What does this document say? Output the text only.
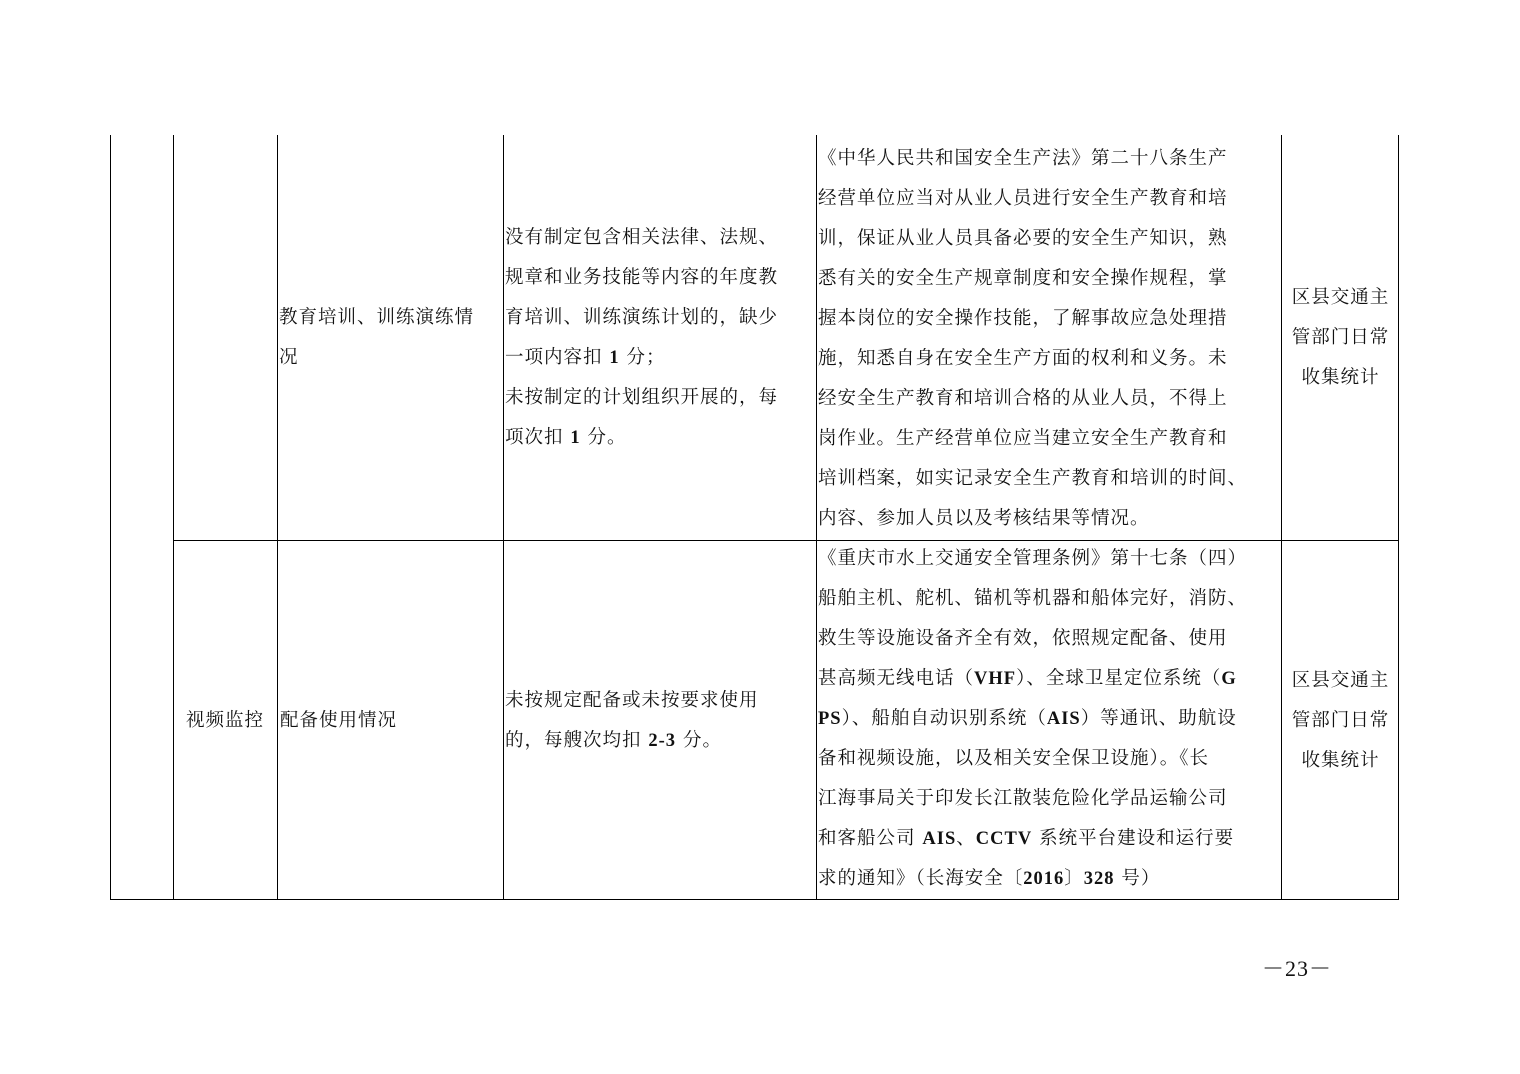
教育培训、训练演练情
况
没有制定包含相关法律、法规、
规章和业务技能等内容的年度教
育培训、训练演练计划的，缺少
一项内容扣 1 分；
未按制定的计划组织开展的，每
项次扣 1 分。
《中华人民共和国安全生产法》第二十八条生产
经营单位应当对从业人员进行安全生产教育和培
训，保证从业人员具备必要的安全生产知识，熟
悉有关的安全生产规章制度和安全操作规程，掌
握本岗位的安全操作技能，了解事故应急处理措
施，知悉自身在安全生产方面的权利和义务。未
经安全生产教育和培训合格的从业人员，不得上
岗作业。生产经营单位应当建立安全生产教育和
培训档案，如实记录安全生产教育和培训的时间、
内容、参加人员以及考核结果等情况。
区县交通主
管部门日常
收集统计
视频监控 配备使用情况
未按规定配备或未按要求使用
的，每艘次均扣 2-3 分。
《重庆市水上交通安全管理条例》第十七条（四）
船舶主机、舵机、锚机等机器和船体完好，消防、
救生等设施设备齐全有效，依照规定配备、使用
甚高频无线电话（VHF）、全球卫星定位系统（G
PS）、船舶自动识别系统（AIS）等通讯、助航设
备和视频设施，以及相关安全保卫设施）。《长
江海事局关于印发长江散装危险化学品运输公司
和客船公司 AIS、CCTV 系统平台建设和运行要
求的通知》（长海安全〔2016〕328 号）
区县交通主
管部门日常
收集统计
－23－
